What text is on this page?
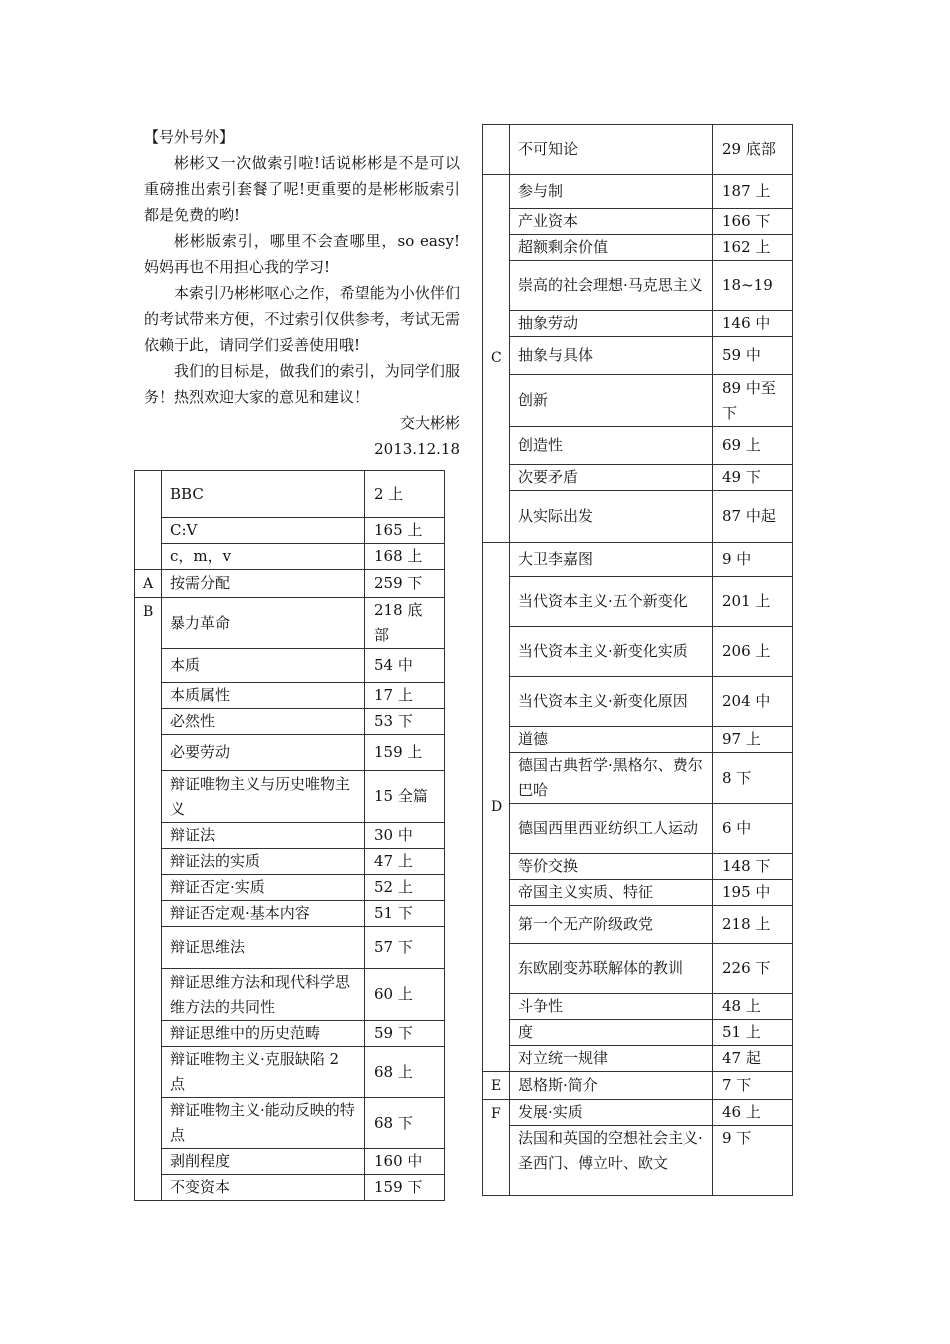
【号外号外】

彬彬又一次做索引啦!话说彬彬是不是可以重磅推出索引套餐了呢!更重要的是彬彬版索引都是免费的哟!

彬彬版索引，哪里不会查哪里，so easy!妈妈再也不用担心我的学习!

本索引乃彬彬呕心之作，希望能为小伙伴们的考试带来方便，不过索引仅供参考，考试无需依赖于此，请同学们妥善使用哦!

我们的目标是，做我们的索引，为同学们服务！热烈欢迎大家的意见和建议！

交大彬彬

2013.12.18

	BBC	2 上
	C:V	165 上
	c，m，v	168 上
A	按需分配	259 下
B	暴力革命	218 底部
	本质	54 中
	本质属性	17 上
	必然性	53 下
	必要劳动	159 上
	辩证唯物主义与历史唯物主义	15 全篇
	辩证法	30 中
	辩证法的实质	47 上
	辩证否定·实质	52 上
	辩证否定观·基本内容	51 下
	辩证思维法	57 下
	辩证思维方法和现代科学思维方法的共同性	60 上
	辩证思维中的历史范畴	59 下
	辩证唯物主义·克服缺陷 2 点	68 上
	辩证唯物主义·能动反映的特点	68 下
	剥削程度	160 中
	不变资本	159 下
	不可知论	29 底部
C	参与制	187 上
	产业资本	166 下
	超额剩余价值	162 上
	崇高的社会理想·马克思主义	18~19
	抽象劳动	146 中
	抽象与具体	59 中
	创新	89 中至下
	创造性	69 上
	次要矛盾	49 下
	从实际出发	87 中起
D	大卫李嘉图	9 中
	当代资本主义·五个新变化	201 上
	当代资本主义·新变化实质	206 上
	当代资本主义·新变化原因	204 中
	道德	97 上
	德国古典哲学·黑格尔、费尔巴哈	8 下
	德国西里西亚纺织工人运动	6 中
	等价交换	148 下
	帝国主义实质、特征	195 中
	第一个无产阶级政党	218 上
	东欧剧变苏联解体的教训	226 下
	斗争性	48 上
	度	51 上
	对立统一规律	47 起
E	恩格斯·简介	7 下
F	发展·实质	46 上
	法国和英国的空想社会主义·圣西门、傅立叶、欧文	9 下
